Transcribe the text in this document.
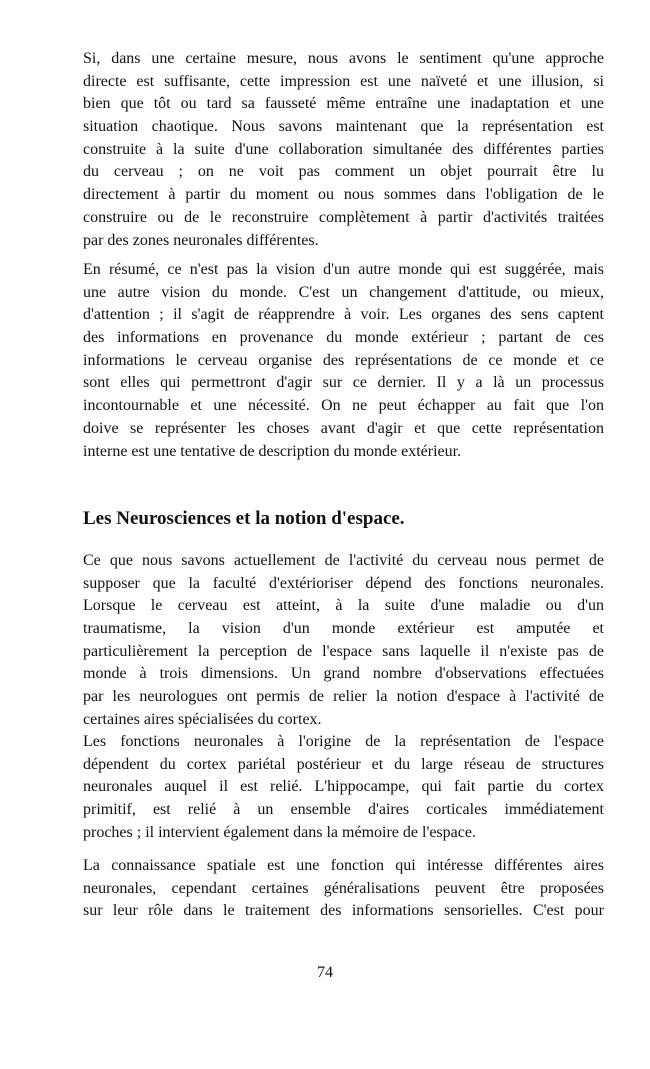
Si, dans une certaine mesure, nous avons le sentiment qu'une approche
directe est suffisante, cette impression est une naïveté et une illusion, si
bien que tôt ou tard sa fausseté même entraîne une inadaptation et une
situation chaotique. Nous savons maintenant que la représentation est
construite à la suite d'une collaboration simultanée des différentes parties
du cerveau ; on ne voit pas comment un objet pourrait être lu
directement à partir du moment ou nous sommes dans l'obligation de le
construire ou de le reconstruire complètement à partir d'activités traitées
par des zones neuronales différentes.
En résumé, ce n'est pas la vision d'un autre monde qui est suggérée, mais
une autre vision du monde. C'est un changement d'attitude, ou mieux,
d'attention ; il s'agit de réapprendre à voir. Les organes des sens captent
des informations en provenance du monde extérieur ; partant de ces
informations le cerveau organise des représentations de ce monde et ce
sont elles qui permettront d'agir sur ce dernier. Il y a là un processus
incontournable et une nécessité. On ne peut échapper au fait que l'on
doive se représenter les choses avant d'agir et que cette représentation
interne est une tentative de description du monde extérieur.
Les Neurosciences et la notion d'espace.
Ce que nous savons actuellement de l'activité du cerveau nous permet de
supposer que la faculté d'extérioriser dépend des fonctions neuronales.
Lorsque le cerveau est atteint, à la suite d'une maladie ou d'un
traumatisme, la vision d'un monde extérieur est amputée et
particulièrement la perception de l'espace sans laquelle il n'existe pas de
monde à trois dimensions. Un grand nombre d'observations effectuées
par les neurologues ont permis de relier la notion d'espace à l'activité de
certaines aires spécialisées du cortex.
Les fonctions neuronales à l'origine de la représentation de l'espace
dépendent du cortex pariétal postérieur et du large réseau de structures
neuronales auquel il est relié. L'hippocampe, qui fait partie du cortex
primitif, est relié à un ensemble d'aires corticales immédiatement
proches ; il intervient également dans la mémoire de l'espace.
La connaissance spatiale est une fonction qui intéresse différentes aires
neuronales, cependant certaines généralisations peuvent être proposées
sur leur rôle dans le traitement des informations sensorielles. C'est pour
74
